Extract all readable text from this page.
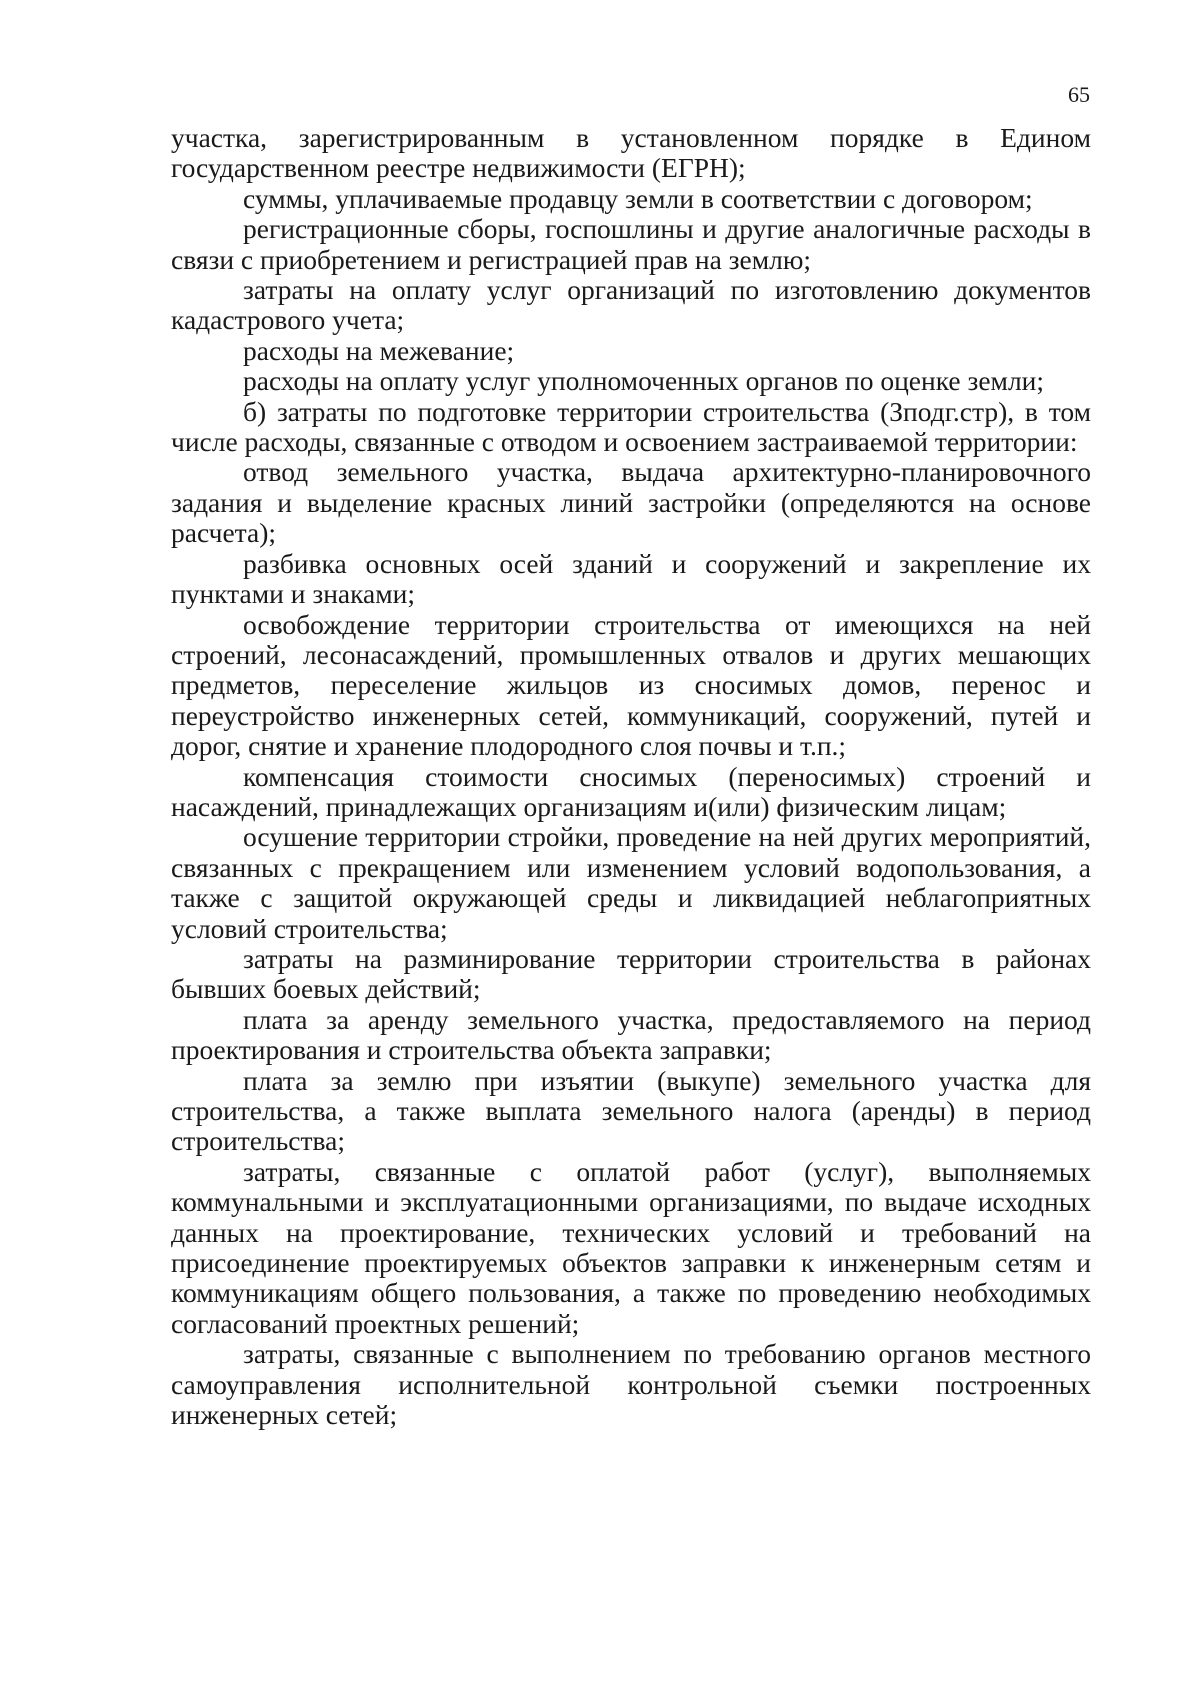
65

участка, зарегистрированным в установленном порядке в Едином государственном реестре недвижимости (ЕГРН);

суммы, уплачиваемые продавцу земли в соответствии с договором;

регистрационные сборы, госпошлины и другие аналогичные расходы в связи с приобретением и регистрацией прав на землю;

затраты на оплату услуг организаций по изготовлению документов кадастрового учета;

расходы на межевание;

расходы на оплату услуг уполномоченных органов по оценке земли;

б) затраты по подготовке территории строительства (Зподг.стр), в том числе расходы, связанные с отводом и освоением застраиваемой территории:

отвод земельного участка, выдача архитектурно-планировочного задания и выделение красных линий застройки (определяются на основе расчета);

разбивка основных осей зданий и сооружений и закрепление их пунктами и знаками;

освобождение территории строительства от имеющихся на ней строений, лесонасаждений, промышленных отвалов и других мешающих предметов, переселение жильцов из сносимых домов, перенос и переустройство инженерных сетей, коммуникаций, сооружений, путей и дорог, снятие и хранение плодородного слоя почвы и т.п.;

компенсация стоимости сносимых (переносимых) строений и насаждений, принадлежащих организациям и(или) физическим лицам;

осушение территории стройки, проведение на ней других мероприятий, связанных с прекращением или изменением условий водопользования, а также с защитой окружающей среды и ликвидацией неблагоприятных условий строительства;

затраты на разминирование территории строительства в районах бывших боевых действий;

плата за аренду земельного участка, предоставляемого на период проектирования и строительства объекта заправки;

плата за землю при изъятии (выкупе) земельного участка для строительства, а также выплата земельного налога (аренды) в период строительства;

затраты, связанные с оплатой работ (услуг), выполняемых коммунальными и эксплуатационными организациями, по выдаче исходных данных на проектирование, технических условий и требований на присоединение проектируемых объектов заправки к инженерным сетям и коммуникациям общего пользования, а также по проведению необходимых согласований проектных решений;

затраты, связанные с выполнением по требованию органов местного самоуправления исполнительной контрольной съемки построенных инженерных сетей;
